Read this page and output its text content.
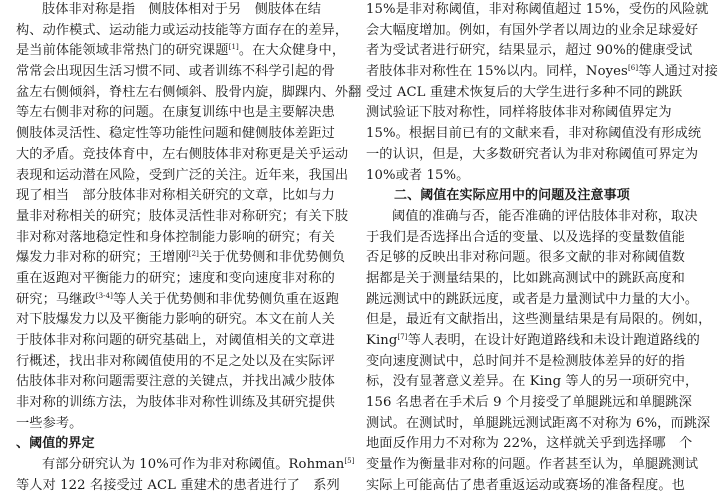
肢体非对称是指　侧肢体相对于另　侧肢体在结
构、动作模式、运动能力或运动技能等方面存在的差异，
是当前体能领域非常热门的研究课题[1]。在大众健身中，
常常会出现因生活习惯不同、或者训练不科学引起的骨
盆左右侧倾斜，脊柱左右侧倾斜、股骨内旋，脚踝内、外翻
等左右侧非对称的问题。在康复训练中也是主要解决患
侧肢体灵活性、稳定性等功能性问题和健侧肢体差距过
大的矛盾。竞技体育中，左右侧肢体非对称更是关乎运动
表现和运动潜在风险，受到广泛的关注。近年来，我国出
现了相当　部分肢体非对称相关研究的文章，比如与力
量非对称相关的研究；肢体灵活性非对称研究；有关下肢
非对称对落地稳定性和身体控制能力影响的研究；有关
爆发力非对称的研究；王增刚[2]关于优势侧和非优势侧负
重在返跑对平衡能力的研究；速度和变向速度非对称的
研究；马继政[3-4]等人关于优势侧和非优势侧负重在返跑
对下肢爆发力以及平衡能力影响的研究。本文在前人关
于肢体非对称问题的研究基础上，对阈值相关的文章进
行概述，找出非对称阈值使用的不足之处以及在实际评
估肢体非对称问题需要注意的关键点，并找出减少肢体
非对称的训练方法，为肢体非对称性训练及其研究提供
一些参考。
、阈值的界定
有部分研究认为 10%可作为非对称阈值。Rohman[5]
等人对 122 名接受过 ACL 重建术的患者进行了　系列
15%是非对称阈值，非对称阈值超过 15%，受伤的风险就
会大幅度增加。例如，有国外学者以周边的业余足球爱好
者为受试者进行研究，结果显示，超过 90%的健康受试
者肢体非对称性在 15%以内。同样，Noyes[6]等人通过对接
受过 ACL 重建术恢复后的大学生进行多种不同的跳跃
测试验证下肢对称性，同样将肢体非对称阈值界定为
15%。根据目前已有的文献来看，非对称阈值没有形成统
一的认识，但是，大多数研究者认为非对称阈值可界定为
10%或者 15%。
二、阈值在实际应用中的问题及注意事项
阈值的准确与否，能否准确的评估肢体非对称，取决
于我们是否选择出合适的变量、以及选择的变量数值能
否足够的反映出非对称问题。很多文献的非对称阈值数
据都是关于测量结果的，比如跳高测试中的跳跃高度和
跳远测试中的跳跃远度，或者是力量测试中力量的大小。
但是，最近有文献指出，这些测量结果是有局限的。例如，
King[7]等人表明，在设计好跑道路线和未设计跑道路线的
变向速度测试中，总时间并不是检测肢体差异的好的指
标，没有显著意义差异。在 King 等人的另一项研究中，
156 名患者在手术后 9 个月接受了单腿跳远和单腿跳深
测试。在测试时，单腿跳远测试距离不对称为 6%，而跳深
地面反作用力不对称为 22%，这样就关乎到选择哪　个
变量作为衡量非对称的问题。作者甚至认为，单腿跳测试
实际上可能高估了患者重返运动或赛场的准备程度。也
